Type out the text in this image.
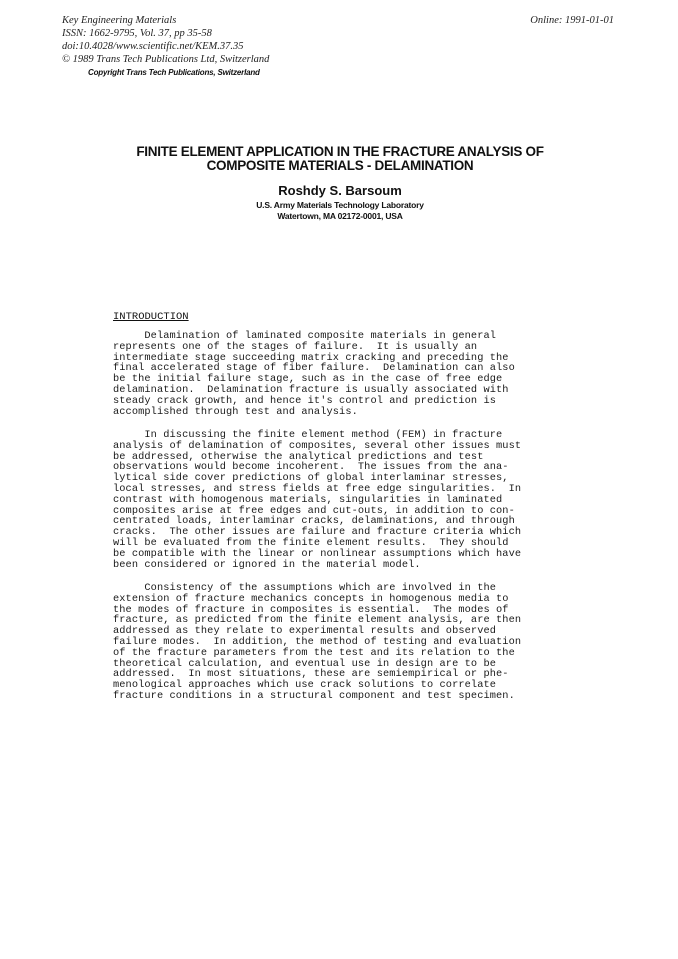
Key Engineering Materials
ISSN: 1662-9795, Vol. 37, pp 35-58
doi:10.4028/www.scientific.net/KEM.37.35
© 1989 Trans Tech Publications Ltd, Switzerland
Online: 1991-01-01
Copyright Trans Tech Publications, Switzerland
FINITE ELEMENT APPLICATION IN THE FRACTURE ANALYSIS OF
COMPOSITE MATERIALS - DELAMINATION
Roshdy S. Barsoum
U.S. Army Materials Technology Laboratory
Watertown, MA 02172-0001, USA
INTRODUCTION
Delamination of laminated composite materials in general
represents one of the stages of failure.  It is usually an
intermediate stage succeeding matrix cracking and preceding the
final accelerated stage of fiber failure.  Delamination can also
be the initial failure stage, such as in the case of free edge
delamination.  Delamination fracture is usually associated with
steady crack growth, and hence it's control and prediction is
accomplished through test and analysis.
In discussing the finite element method (FEM) in fracture
analysis of delamination of composites, several other issues must
be addressed, otherwise the analytical predictions and test
observations would become incoherent.  The issues from the ana-
lytical side cover predictions of global interlaminar stresses,
local stresses, and stress fields at free edge singularities.  In
contrast with homogenous materials, singularities in laminated
composites arise at free edges and cut-outs, in addition to con-
centrated loads, interlaminar cracks, delaminations, and through
cracks.  The other issues are failure and fracture criteria which
will be evaluated from the finite element results.  They should
be compatible with the linear or nonlinear assumptions which have
been considered or ignored in the material model.
Consistency of the assumptions which are involved in the
extension of fracture mechanics concepts in homogenous media to
the modes of fracture in composites is essential.  The modes of
fracture, as predicted from the finite element analysis, are then
addressed as they relate to experimental results and observed
failure modes.  In addition, the method of testing and evaluation
of the fracture parameters from the test and its relation to the
theoretical calculation, and eventual use in design are to be
addressed.  In most situations, these are semiempirical or phe-
menological approaches which use crack solutions to correlate
fracture conditions in a structural component and test specimen.
